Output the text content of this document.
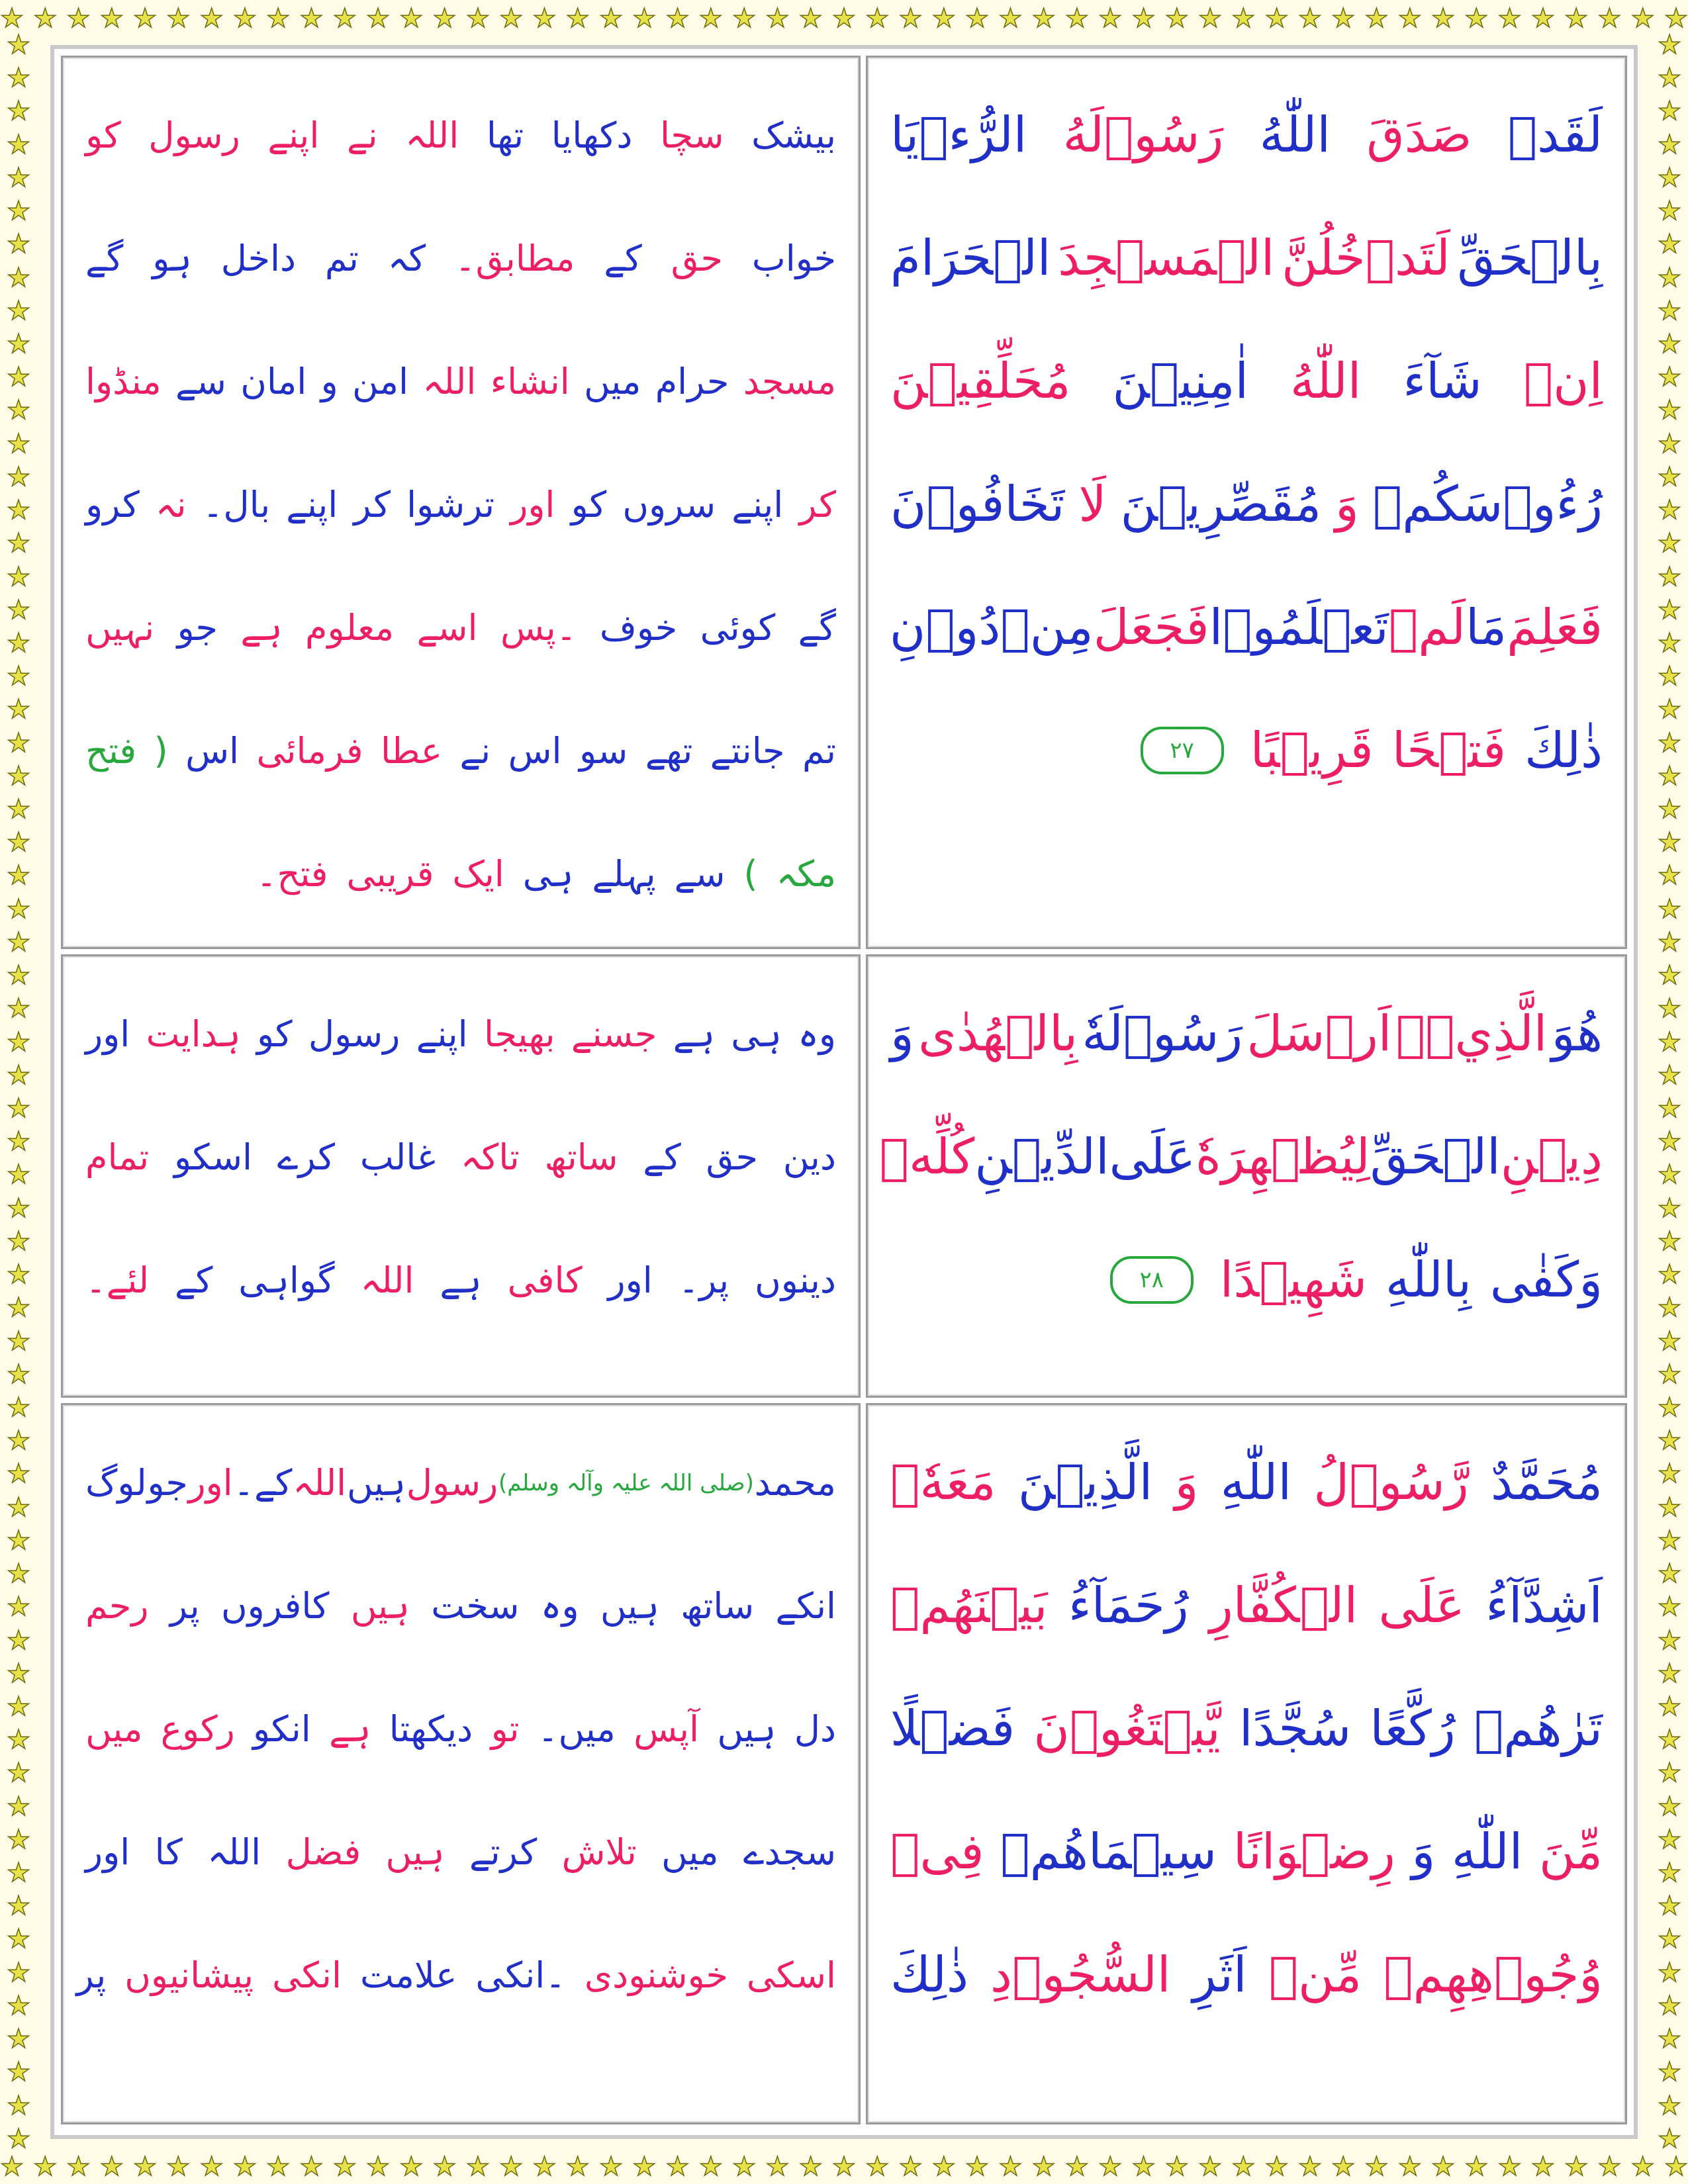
★ ★ ★ ★ ★ ★ ★ ★ ★ ★ ★ ★ ★ ★ ★ ★ ★ ★ ★ ★ ★ ★ ★ ★ ★ ★ ★ ★ ★ ★ ★ ★ ★ ★ ★ ★ ★ ★ ★ ★ ★ ★ ★ ★ ★ ★ ★ ★ ★ ★ ★
★ ★ ★ ★ ★ ★ ★ ★ ★ ★ ★ ★ ★ ★ ★ ★ ★ ★ ★ ★ ★ ★ ★ ★ ★ ★ ★ ★ ★ ★ ★ ★ ★ ★ ★ ★ ★ ★ ★ ★ ★ ★ ★ ★ ★ ★ ★ ★ ★ ★ ★
★
★
★
★
★
★
★
★
★
★
★
★
★
★
★
★
★
★
★
★
★
★
★
★
★
★
★
★
★
★
★
★
★
★
★
★
★
★
★
★
★
★
★
★
★
★
★
★
★
★
★
★
★
★
★
★
★
★
★
★
★
★
★
★
★
★
★
★
★
★
★
★
★
★
★
★
★
★
★
★
★
★
★
★
★
★
★
★
★
★
★
★
★
★
★
★
★
★
★
★
★
★
★
★
★
★
★
★
★
★
★
★
★
★
★
★
★
★
★
★
★
★
★
★
★
★
★
★
لَقَدۡ
صَدَقَ
اللّٰهُ
رَسُوۡلَهُ
الرُّءۡيَا
بِالۡحَقِّ
لَتَدۡخُلُنَّ
الۡمَسۡجِدَ
الۡحَرَامَ
اِنۡ
شَآءَ
اللّٰهُ
اٰمِنِيۡنَ
مُحَلِّقِيۡنَ
رُءُوۡسَكُمۡ
وَ
مُقَصِّرِيۡنَ
لَا
تَخَافُوۡنَ
فَعَلِمَ
مَا
لَمۡ
تَعۡلَمُوۡا
فَجَعَلَ
مِنۡ
دُوۡنِ
ذٰلِكَ
فَتۡحًا
قَرِيۡبًا
٢٧
بیشک
سچا
دکھایا
تھا
اللہ
نے
اپنے
رسول
کو
خواب
حق
کے
مطابق۔
کہ
تم
داخل
ہو
گے
مسجد
حرام
میں
انشاء
اللہ
امن
و
امان
سے
منڈوا
کر
اپنے
سروں
کو
اور
ترشوا
کر
اپنے
بال۔
نہ
کرو
گے
کوئی
خوف
۔پس
اسے
معلوم
ہے
جو
نہیں
تم
جانتے
تھے
سو
اس
نے
عطا
فرمائی
اس
(
فتح
مکہ
)
سے
پہلے
ہی
ایک
قریبی
فتح۔
هُوَ
الَّذِيۡۤ
اَرۡسَلَ
رَسُوۡلَهٗ
بِالۡهُدٰى
وَ
دِيۡنِ
الۡحَقِّ
لِيُظۡهِرَهٗ
عَلَى
الدِّيۡنِ
كُلِّهٖ
وَكَفٰى
بِاللّٰهِ
شَهِيۡدًا
٢٨
وہ
ہی
ہے
جسنے
بھیجا
اپنے
رسول
کو
ہدایت
اور
دین
حق
کے
ساتھ
تاکہ
غالب
کرے
اسکو
تمام
دینوں
پر۔
اور
کافی
ہے
اللہ
گواہی
کے
لئے۔
مُحَمَّدٌ
رَّسُوۡلُ
اللّٰهِ
وَ
الَّذِيۡنَ
مَعَهٗۤ
اَشِدَّآءُ
عَلَى
الۡكُفَّارِ
رُحَمَآءُ
بَيۡنَهُمۡ
تَرٰهُمۡ
رُكَّعًا
سُجَّدًا
يَّبۡتَغُوۡنَ
فَضۡلًا
مِّنَ
اللّٰهِ
وَ
رِضۡوَانًا
سِيۡمَاهُمۡ
فِىۡ
وُجُوۡهِهِمۡ
مِّنۡ
اَثَرِ
السُّجُوۡدِ
ذٰلِكَ
محمد
(صلی اللہ علیہ وآلہ وسلم)
رسول
ہیں
اللہ
کے۔
اور
جو
لوگ
انکے
ساتھ
ہیں
وہ
سخت
ہیں
کافروں
پر
رحم
دل
ہیں
آپس
میں۔
تو
دیکھتا
ہے
انکو
رکوع
میں
سجدے
میں
تلاش
کرتے
ہیں
فضل
اللہ
کا
اور
اسکی
خوشنودی
۔انکی
علامت
انکی
پیشانیوں
پر
